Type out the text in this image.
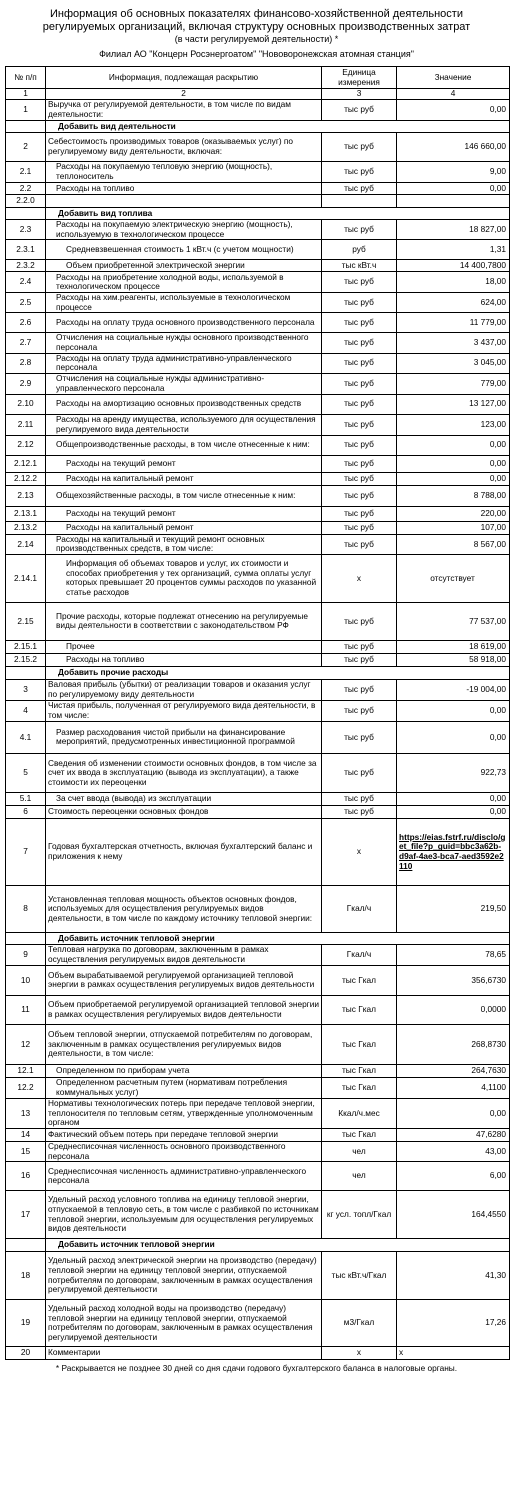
Информация об основных показателях финансово-хозяйственной деятельности регулируемых организаций, включая структуру основных производственных затрат
(в части регулируемой деятельности) *
Филиал АО "Концерн Росэнергоатом" "Нововоронежская атомная станция"
№ п/п	Информация, подлежащая раскрытию	Единица измерения	Значение
1	2	3	4
1	Выручка от регулируемой деятельности, в том числе по видам деятельности:	тыс руб	0,00
	Добавить вид деятельности		
2	Себестоимость производимых товаров (оказываемых услуг) по регулируемому виду деятельности, включая:	тыс руб	146 660,00
2.1	Расходы на покупаемую тепловую энергию (мощность), теплоноситель	тыс руб	9,00
2.2	Расходы на топливо	тыс руб	0,00
2.2.0			
	Добавить вид топлива		
2.3	Расходы на покупаемую электрическую энергию (мощность), используемую в технологическом процессе	тыс руб	18 827,00
2.3.1	Средневзвешенная стоимость 1 кВт.ч (с учетом мощности)	руб	1,31
2.3.2	Объем приобретенной электрической энергии	тыс кВт.ч	14 400,7800
2.4	Расходы на приобретение холодной воды, используемой в технологическом процессе	тыс руб	18,00
2.5	Расходы на хим.реагенты, используемые в технологическом процессе	тыс руб	624,00
2.6	Расходы на оплату труда основного производственного персонала	тыс руб	11 779,00
2.7	Отчисления на социальные нужды основного производственного персонала	тыс руб	3 437,00
2.8	Расходы на оплату труда административно-управленческого персонала	тыс руб	3 045,00
2.9	Отчисления на социальные нужды административно-управленческого персонала	тыс руб	779,00
2.10	Расходы на амортизацию основных производственных средств	тыс руб	13 127,00
2.11	Расходы на аренду имущества, используемого для осуществления регулируемого вида деятельности	тыс руб	123,00
2.12	Общепроизводственные расходы, в том числе отнесенные к ним:	тыс руб	0,00
2.12.1	Расходы на текущий ремонт	тыс руб	0,00
2.12.2	Расходы на капитальный ремонт	тыс руб	0,00
2.13	Общехозяйственные расходы, в том числе отнесенные к ним:	тыс руб	8 788,00
2.13.1	Расходы на текущий ремонт	тыс руб	220,00
2.13.2	Расходы на капитальный ремонт	тыс руб	107,00
2.14	Расходы на капитальный и текущий ремонт основных производственных средств, в том числе:	тыс руб	8 567,00
2.14.1	Информация об объемах товаров и услуг, их стоимости и способах приобретения у тех организаций, сумма оплаты услуг которых превышает 20 процентов суммы расходов по указанной статье расходов	х	отсутствует
2.15	Прочие расходы, которые подлежат отнесению на регулируемые виды деятельности в соответствии с законодательством РФ	тыс руб	77 537,00
2.15.1	Прочее	тыс руб	18 619,00
2.15.2	Расходы на топливо	тыс руб	58 918,00
	Добавить прочие расходы		
3	Валовая прибыль (убытки) от реализации товаров и оказания услуг по регулируемому виду деятельности	тыс руб	-19 004,00
4	Чистая прибыль, полученная от регулируемого вида деятельности, в том числе:	тыс руб	0,00
4.1	Размер расходования чистой прибыли на финансирование мероприятий, предусмотренных инвестиционной программой	тыс руб	0,00
5	Сведения об изменении стоимости основных фондов, в том числе за счет их ввода в эксплуатацию (вывода из эксплуатации), а также стоимости их переоценки	тыс руб	922,73
5.1	За счет ввода (вывода) из эксплуатации	тыс руб	0,00
6	Стоимость переоценки основных фондов	тыс руб	0,00
7	Годовая бухгалтерская отчетность, включая бухгалтерский баланс и приложения к нему	х	https://eias.fstrf.ru/disclo/get_file?p_guid=bbc3a62b-d9af-4ae3-bca7-aed3592e2110
8	Установленная тепловая мощность объектов основных фондов, используемых для осуществления регулируемых видов деятельности, в том числе по каждому источнику тепловой энергии:	Гкал/ч	219,50
	Добавить источник тепловой энергии		
9	Тепловая нагрузка по договорам, заключенным в рамках осуществления регулируемых видов деятельности	Гкал/ч	78,65
10	Объем вырабатываемой регулируемой организацией тепловой энергии в рамках осуществления регулируемых видов деятельности	тыс Гкал	356,6730
11	Объем приобретаемой регулируемой организацией тепловой энергии в рамках осуществления регулируемых видов деятельности	тыс Гкал	0,0000
12	Объем тепловой энергии, отпускаемой потребителям по договорам, заключенным в рамках осуществления регулируемых видов деятельности, в том числе:	тыс Гкал	268,8730
12.1	Определенном по приборам учета	тыс Гкал	264,7630
12.2	Определенном расчетным путем (нормативам потребления коммунальных услуг)	тыс Гкал	4,1100
13	Нормативы технологических потерь при передаче тепловой энергии, теплоносителя по тепловым сетям, утвержденные уполномоченным органом	Ккал/ч.мес	0,00
14	Фактический объем потерь при передаче тепловой энергии	тыс Гкал	47,6280
15	Среднесписочная численность основного производственного персонала	чел	43,00
16	Среднесписочная численность административно-управленческого персонала	чел	6,00
17	Удельный расход условного топлива на единицу тепловой энергии, отпускаемой в тепловую сеть, в том числе с разбивкой по источникам тепловой энергии, используемым для осуществления регулируемых видов деятельности	кг усл. топл/Гкал	164,4550
	Добавить источник тепловой энергии		
18	Удельный расход электрической энергии на производство (передачу) тепловой энергии на единицу тепловой энергии, отпускаемой потребителям по договорам, заключенным в рамках осуществления регулируемой деятельности	тыс кВт.ч/Гкал	41,30
19	Удельный расход холодной воды на производство (передачу) тепловой энергии на единицу тепловой энергии, отпускаемой потребителям по договорам, заключенным в рамках осуществления регулируемой деятельности	м3/Гкал	17,26
20	Комментарии	х	х
* Раскрывается не позднее 30 дней со дня сдачи годового бухгалтерского баланса в налоговые органы.
